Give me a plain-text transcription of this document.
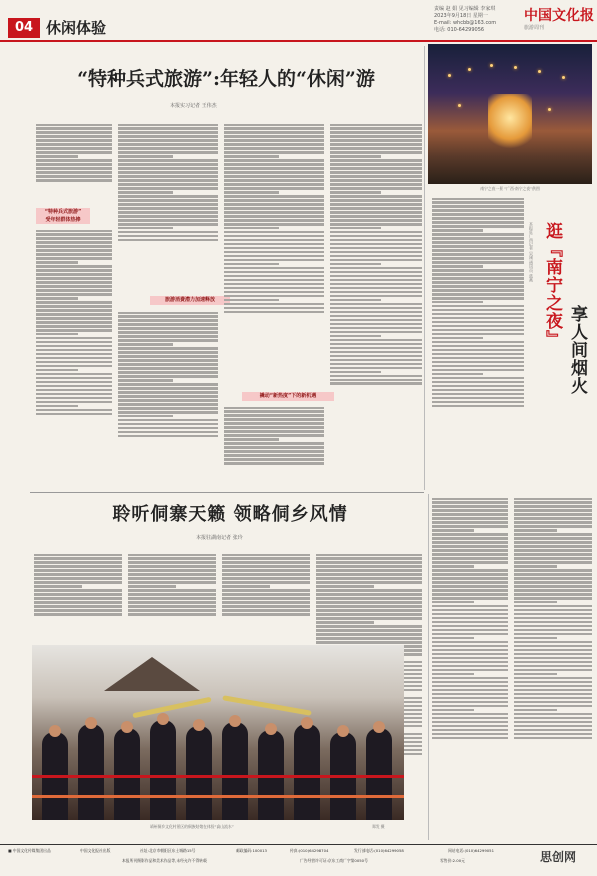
04 休闲体验
责编 赵 娟 见习编辑 李家琪
2023年9月18日 星期一
E-mail: whcbb@163.com
电话: 010-64299056
中国文化报
旅游周刊
“特种兵式旅游”:年轻人的“休闲”游
本报实习记者 王伟杰
“特种兵式旅游”
受年轻群体热捧
旅游消费潜力加速释放
撬动“新热度”下的新机遇
南宁之夜一景 “广西·南宁之夜”供图
本报驻广西记者 吴刚 通讯员 蓝燕 逛『南宁之夜』
享人间烟火
聆听侗寨天籁 领略侗乡风情
本报驻湖南记者 张玲
靖州侗乡文化村景区的侗族姑娘在体验“高山流水”	郑发 摄
■ 中国文化传媒集团出品	中国文化报社出版	社址:北京市朝阳区东土城路15号	邮政编码:100013	传真:(010)64298704	发行部电话:(010)64299058	网站电话:(010)64299051
本报所刊摄影作品和美术作品等,未经允许不得转载	广告经营许可证:京东工商广字第0050号	零售价:2.00元	思创网
